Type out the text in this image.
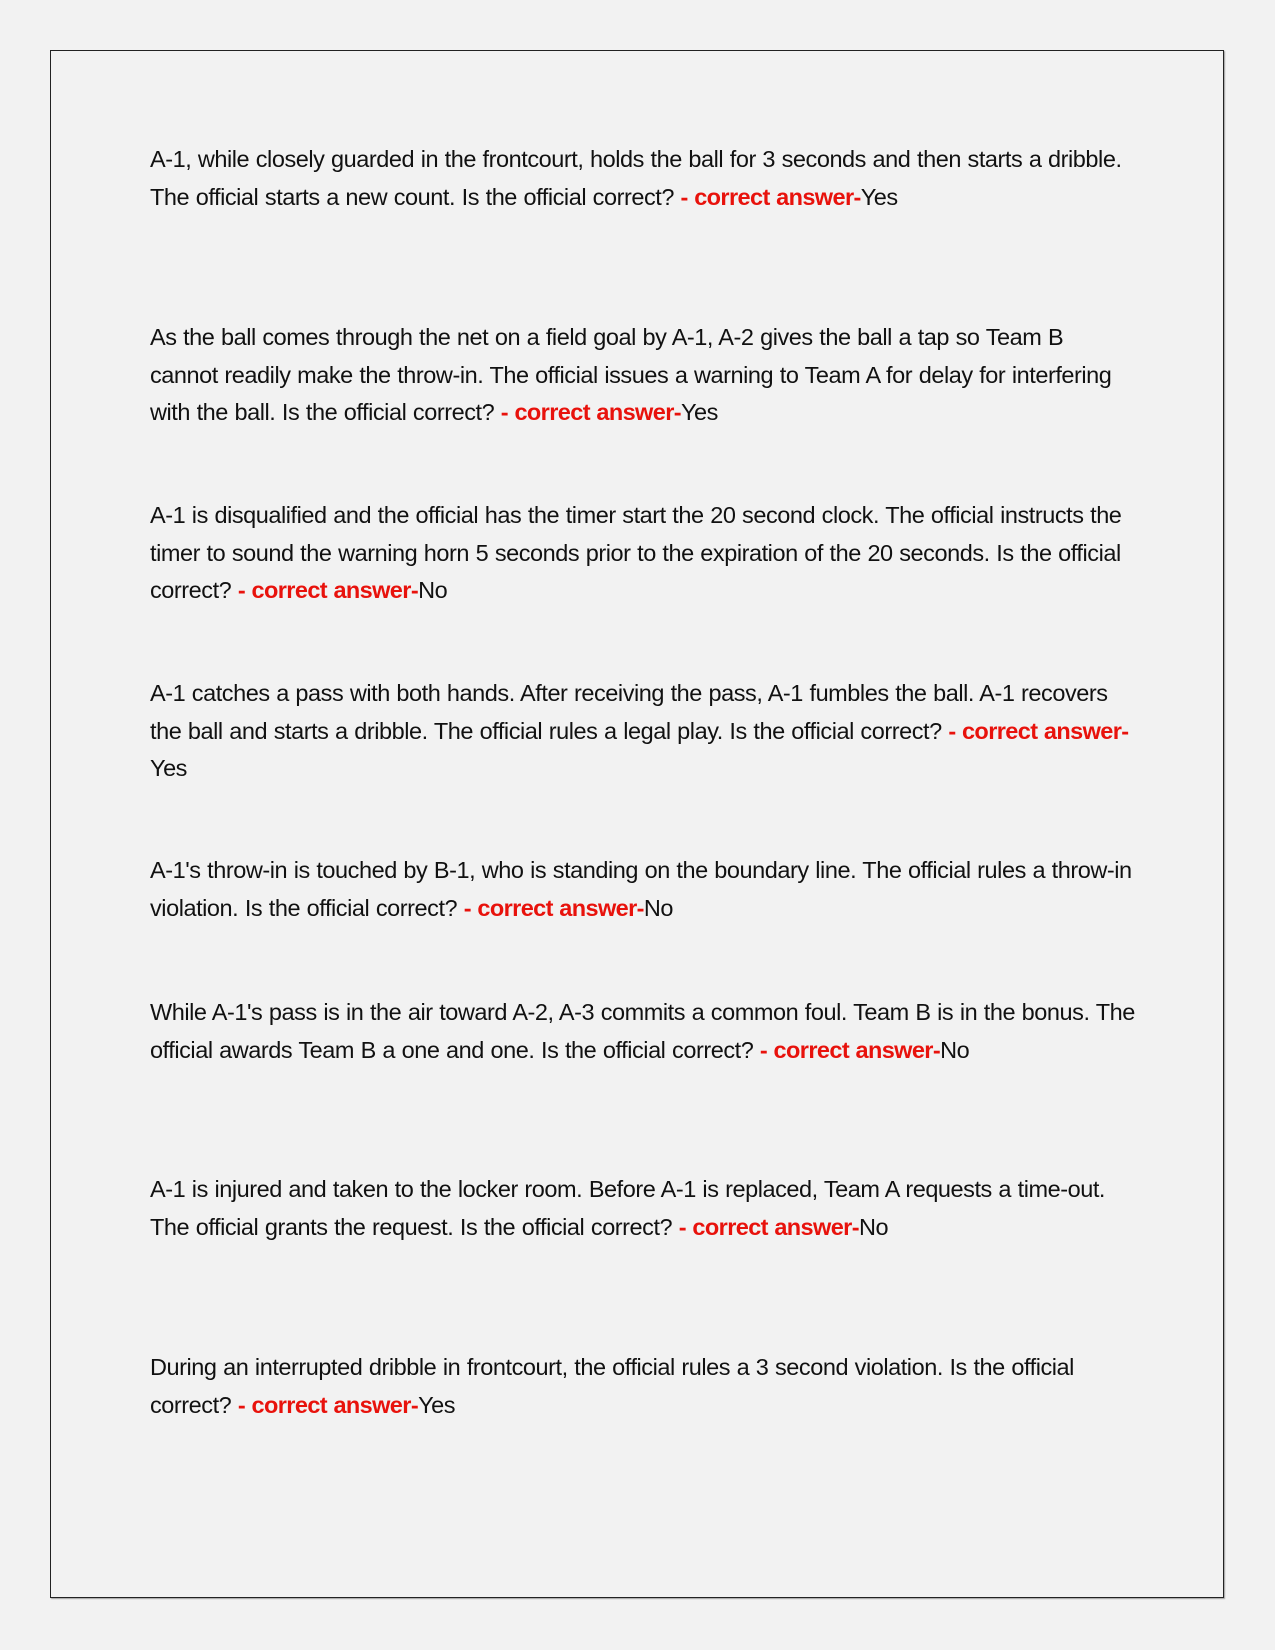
A-1, while closely guarded in the frontcourt, holds the ball for 3 seconds and then starts a dribble. The official starts a new count. Is the official correct? - correct answer-Yes

As the ball comes through the net on a field goal by A-1, A-2 gives the ball a tap so Team B cannot readily make the throw-in. The official issues a warning to Team A for delay for interfering with the ball. Is the official correct? - correct answer-Yes

A-1 is disqualified and the official has the timer start the 20 second clock. The official instructs the timer to sound the warning horn 5 seconds prior to the expiration of the 20 seconds. Is the official correct? - correct answer-No

A-1 catches a pass with both hands. After receiving the pass, A-1 fumbles the ball. A-1 recovers the ball and starts a dribble. The official rules a legal play. Is the official correct? - correct answer-Yes

A-1's throw-in is touched by B-1, who is standing on the boundary line. The official rules a throw-in violation. Is the official correct? - correct answer-No

While A-1's pass is in the air toward A-2, A-3 commits a common foul. Team B is in the bonus. The official awards Team B a one and one. Is the official correct? - correct answer-No

A-1 is injured and taken to the locker room. Before A-1 is replaced, Team A requests a time-out. The official grants the request. Is the official correct? - correct answer-No

During an interrupted dribble in frontcourt, the official rules a 3 second violation. Is the official correct? - correct answer-Yes
